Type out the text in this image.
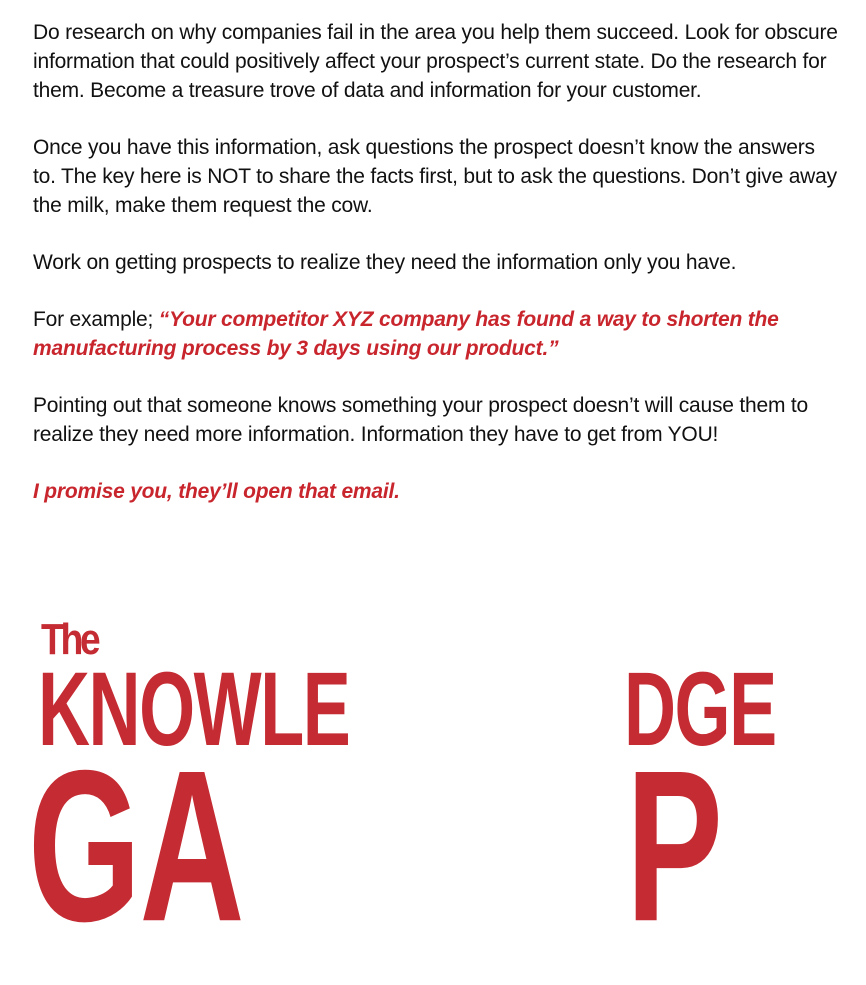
Do research on why companies fail in the area you help them succeed. Look for obscure information that could positively affect your prospect’s current state. Do the research for them. Become a treasure trove of data and information for your customer.

Once you have this information, ask questions the prospect doesn’t know the answers to. The key here is NOT to share the facts first, but to ask the questions. Don’t give away the milk, make them request the cow.

Work on getting prospects to realize they need the information only you have.

For example; “Your competitor XYZ company has found a way to shorten the manufacturing process by 3 days using our product.”

Pointing out that someone knows something your prospect doesn’t will cause them to realize they need more information. Information they have to get from YOU!

I promise you, they’ll open that email.

The
KNOWLE	DGE
GA P
